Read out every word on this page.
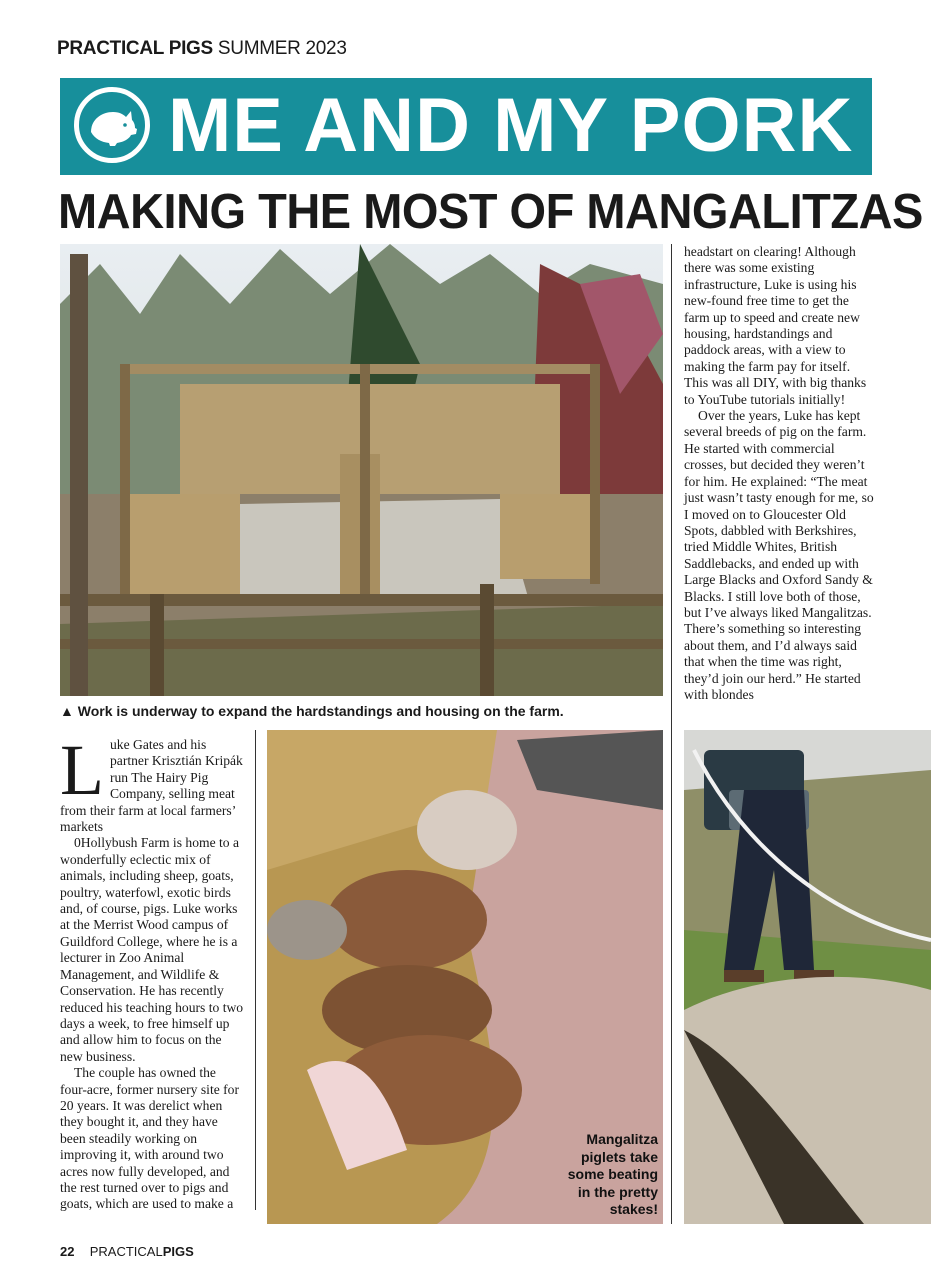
PRACTICAL PIGS SUMMER 2023
ME AND MY PORK
MAKING THE MOST OF MANGALITZAS
▲ Work is underway to expand the hardstandings and housing on the farm.

headstart on clearing! Although there was some existing infrastructure, Luke is using his new-found free time to get the farm up to speed and create new housing, hardstandings and paddock areas, with a view to making the farm pay for itself. This was all DIY, with big thanks to YouTube tutorials initially!

Over the years, Luke has kept several breeds of pig on the farm. He started with commercial crosses, but decided they weren’t for him. He explained: “The meat just wasn’t tasty enough for me, so I moved on to Gloucester Old Spots, dabbled with Berkshires, tried Middle Whites, British Saddlebacks, and ended up with Large Blacks and Oxford Sandy & Blacks. I still love both of those, but I’ve always liked Mangalitzas. There’s something so interesting about them, and I’d always said that when the time was right, they’d join our herd.” He started with blondes

Luke Gates and his partner Krisztián Kripák run The Hairy Pig Company, selling meat from their farm at local farmers’ markets

0Hollybush Farm is home to a wonderfully eclectic mix of animals, including sheep, goats, poultry, waterfowl, exotic birds and, of course, pigs. Luke works at the Merrist Wood campus of Guildford College, where he is a lecturer in Zoo Animal Management, and Wildlife & Conservation. He has recently reduced his teaching hours to two days a week, to free himself up and allow him to focus on the new business.

The couple has owned the four-acre, former nursery site for 20 years. It was derelict when they bought it, and they have been steadily working on improving it, with around two acres now fully developed, and the rest turned over to pigs and goats, which are used to make a

Mangalitza
piglets take
some beating
in the pretty
stakes!
22 PRACTICALPIGS
